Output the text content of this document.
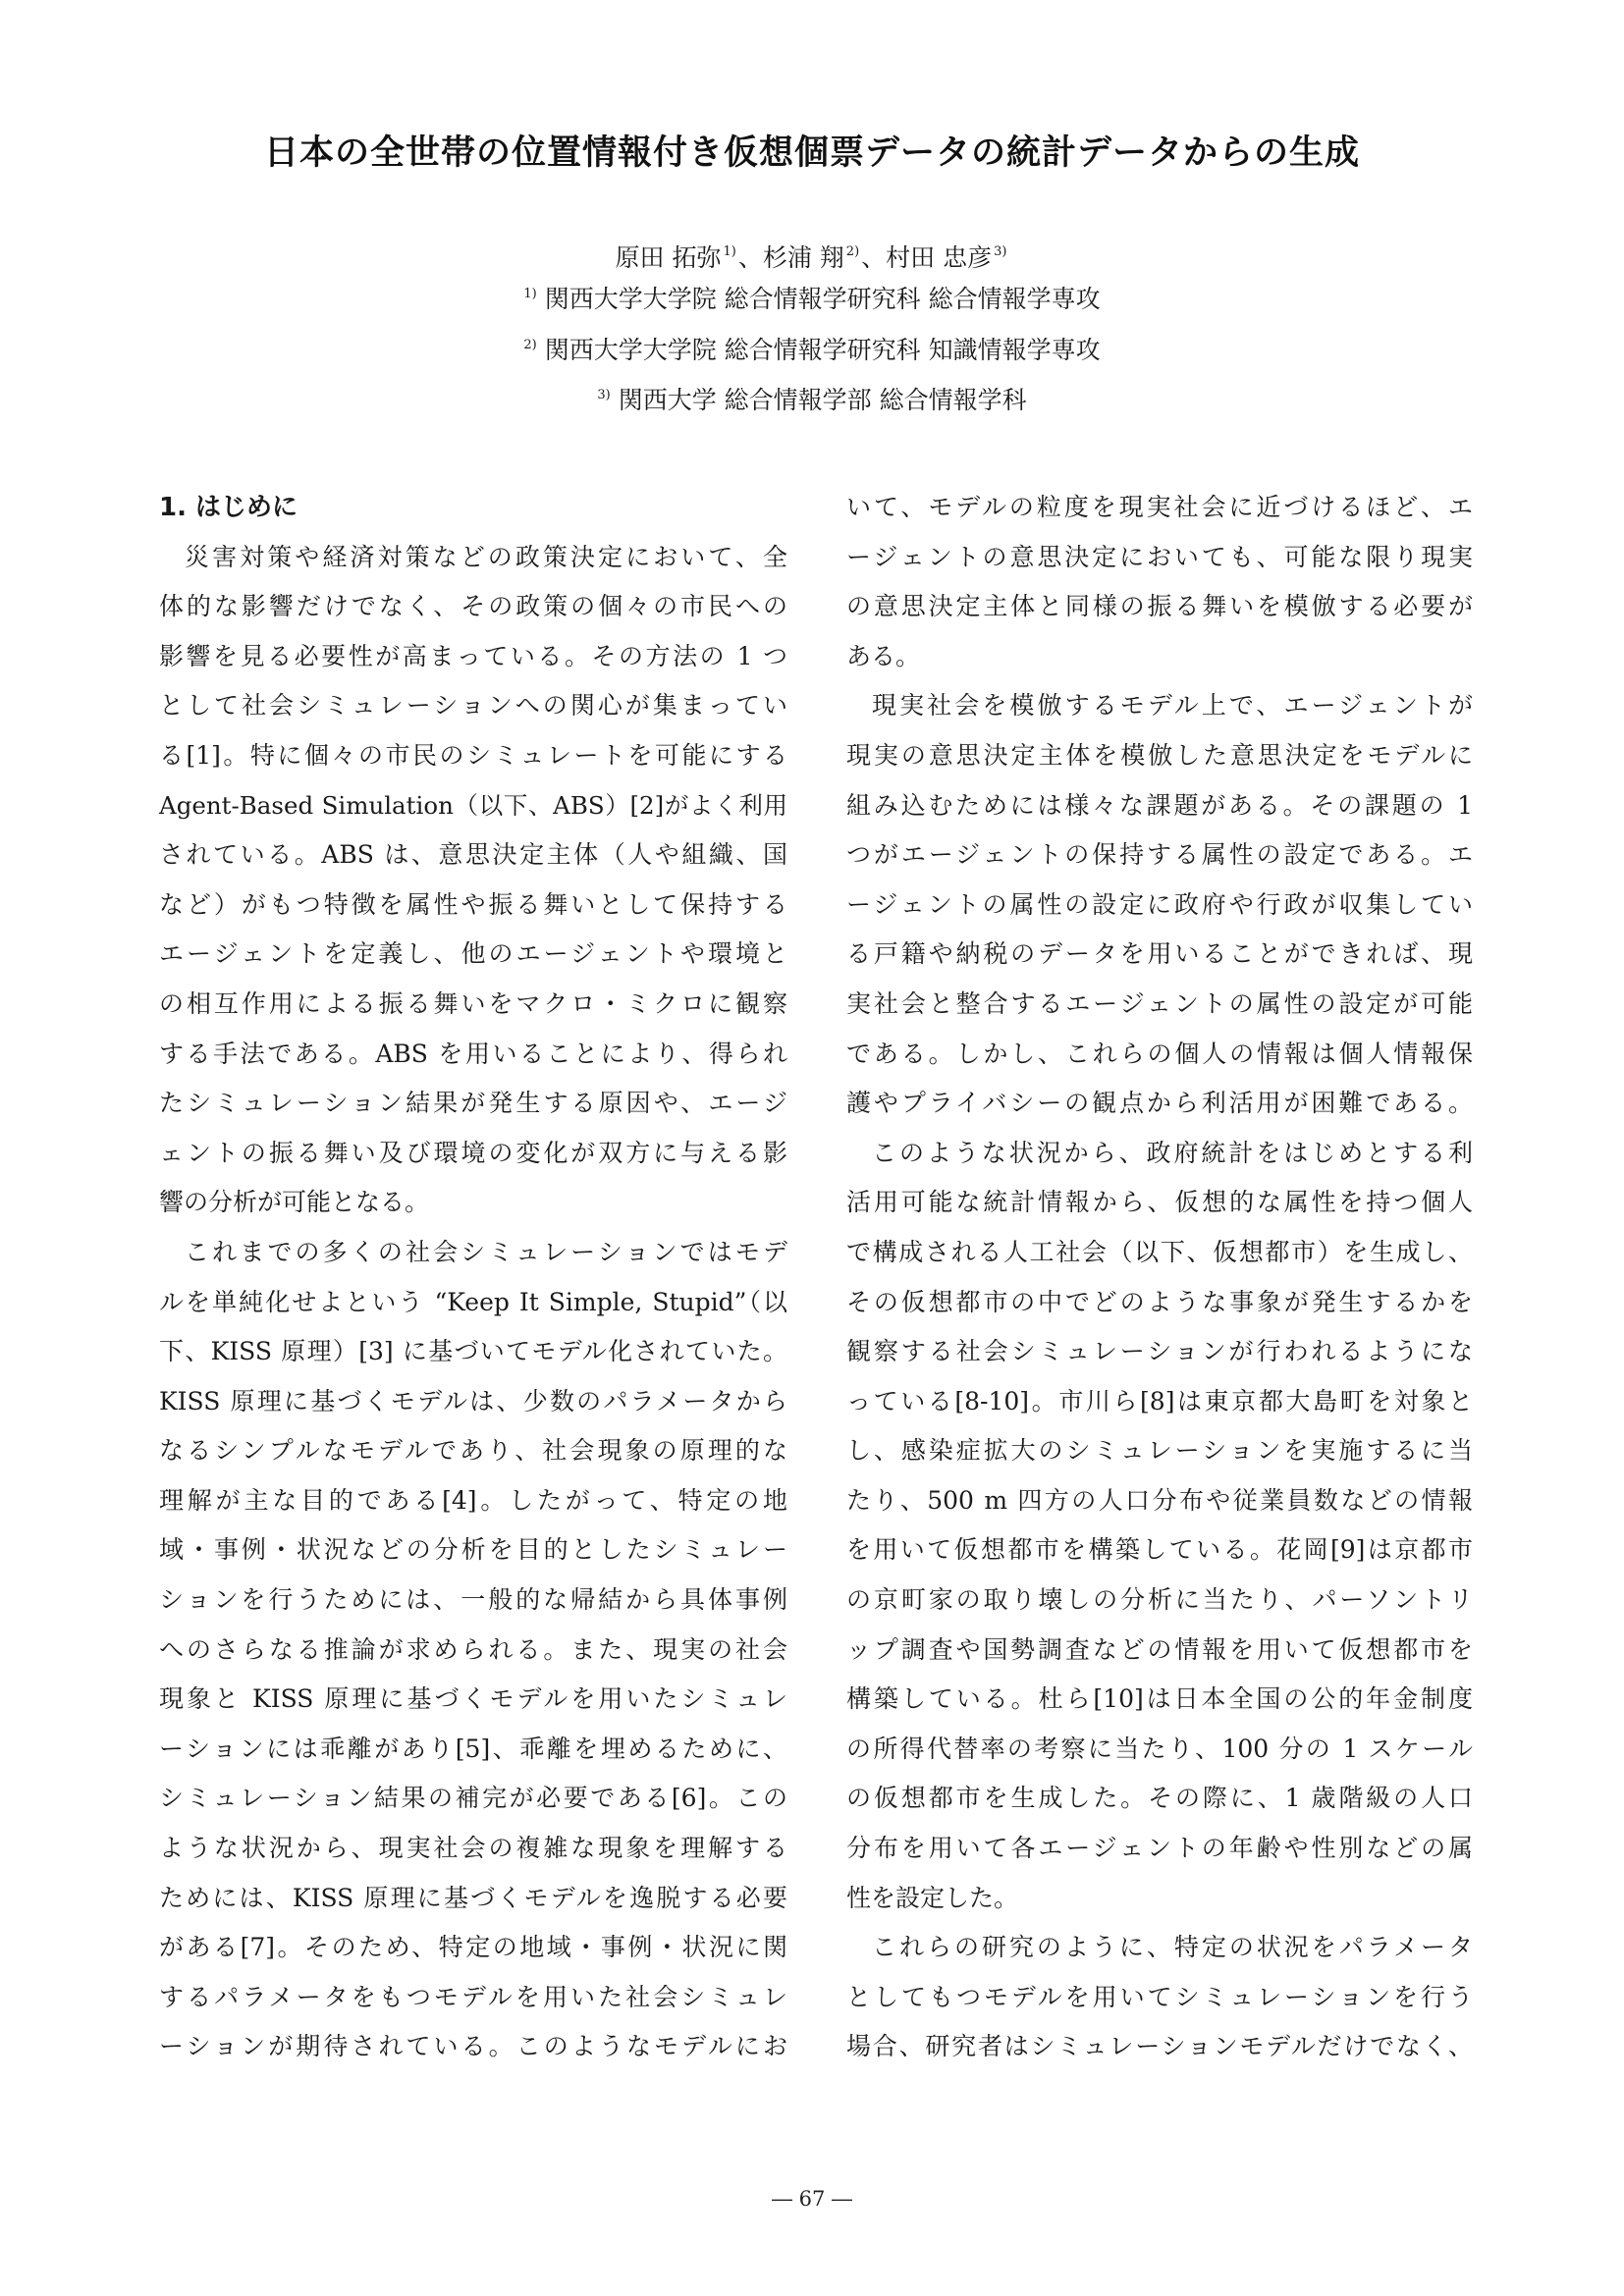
日本の全世帯の位置情報付き仮想個票データの統計データからの生成
原田 拓弥 $^{1)}$、杉浦 翔 $^{2)}$、村田 忠彦 $^{3)}$
$^{1)}$ 関西大学大学院 総合情報学研究科 総合情報学専攻
$^{2)}$ 関西大学大学院 総合情報学研究科 知識情報学専攻
$^{3)}$ 関西大学 総合情報学部 総合情報学科
1. はじめに
災害対策や経済対策などの政策決定において、全
体的な影響だけでなく、その政策の個々の市民への
影響を見る必要性が高まっている。その方法の 1 つ
として社会シミュレーションへの関心が集まってい
る[1]。特に個々の市民のシミュレートを可能にする
Agent-Based Simulation（以下、ABS）[2]がよく利用
されている。ABS は、意思決定主体（人や組織、国
など）がもつ特徴を属性や振る舞いとして保持する
エージェントを定義し、他のエージェントや環境と
の相互作用による振る舞いをマクロ・ミクロに観察
する手法である。ABS を用いることにより、得られ
たシミュレーション結果が発生する原因や、エージ
ェントの振る舞い及び環境の変化が双方に与える影
響の分析が可能となる。
これまでの多くの社会シミュレーションではモデ
ルを単純化せよという “Keep It Simple, Stupid”（以
下、KISS 原理）[3] に基づいてモデル化されていた。
KISS 原理に基づくモデルは、少数のパラメータから
なるシンプルなモデルであり、社会現象の原理的な
理解が主な目的である[4]。したがって、特定の地
域・事例・状況などの分析を目的としたシミュレー
ションを行うためには、一般的な帰結から具体事例
へのさらなる推論が求められる。また、現実の社会
現象と KISS 原理に基づくモデルを用いたシミュレ
ーションには乖離があり[5]、乖離を埋めるために、
シミュレーション結果の補完が必要である[6]。この
ような状況から、現実社会の複雑な現象を理解する
ためには、KISS 原理に基づくモデルを逸脱する必要
がある[7]。そのため、特定の地域・事例・状況に関
するパラメータをもつモデルを用いた社会シミュレ
ーションが期待されている。このようなモデルにお
いて、モデルの粒度を現実社会に近づけるほど、エ
ージェントの意思決定においても、可能な限り現実
の意思決定主体と同様の振る舞いを模倣する必要が
ある。
現実社会を模倣するモデル上で、エージェントが
現実の意思決定主体を模倣した意思決定をモデルに
組み込むためには様々な課題がある。その課題の 1
つがエージェントの保持する属性の設定である。エ
ージェントの属性の設定に政府や行政が収集してい
る戸籍や納税のデータを用いることができれば、現
実社会と整合するエージェントの属性の設定が可能
である。しかし、これらの個人の情報は個人情報保
護やプライバシーの観点から利活用が困難である。
このような状況から、政府統計をはじめとする利
活用可能な統計情報から、仮想的な属性を持つ個人
で構成される人工社会（以下、仮想都市）を生成し、
その仮想都市の中でどのような事象が発生するかを
観察する社会シミュレーションが行われるようにな
っている[8-10]。市川ら[8]は東京都大島町を対象と
し、感染症拡大のシミュレーションを実施するに当
たり、500 m 四方の人口分布や従業員数などの情報
を用いて仮想都市を構築している。花岡[9]は京都市
の京町家の取り壊しの分析に当たり、パーソントリ
ップ調査や国勢調査などの情報を用いて仮想都市を
構築している。杜ら[10]は日本全国の公的年金制度
の所得代替率の考察に当たり、100 分の 1 スケール
の仮想都市を生成した。その際に、1 歳階級の人口
分布を用いて各エージェントの年齢や性別などの属
性を設定した。
これらの研究のように、特定の状況をパラメータ
としてもつモデルを用いてシミュレーションを行う
場合、研究者はシミュレーションモデルだけでなく、
― 67 ―
